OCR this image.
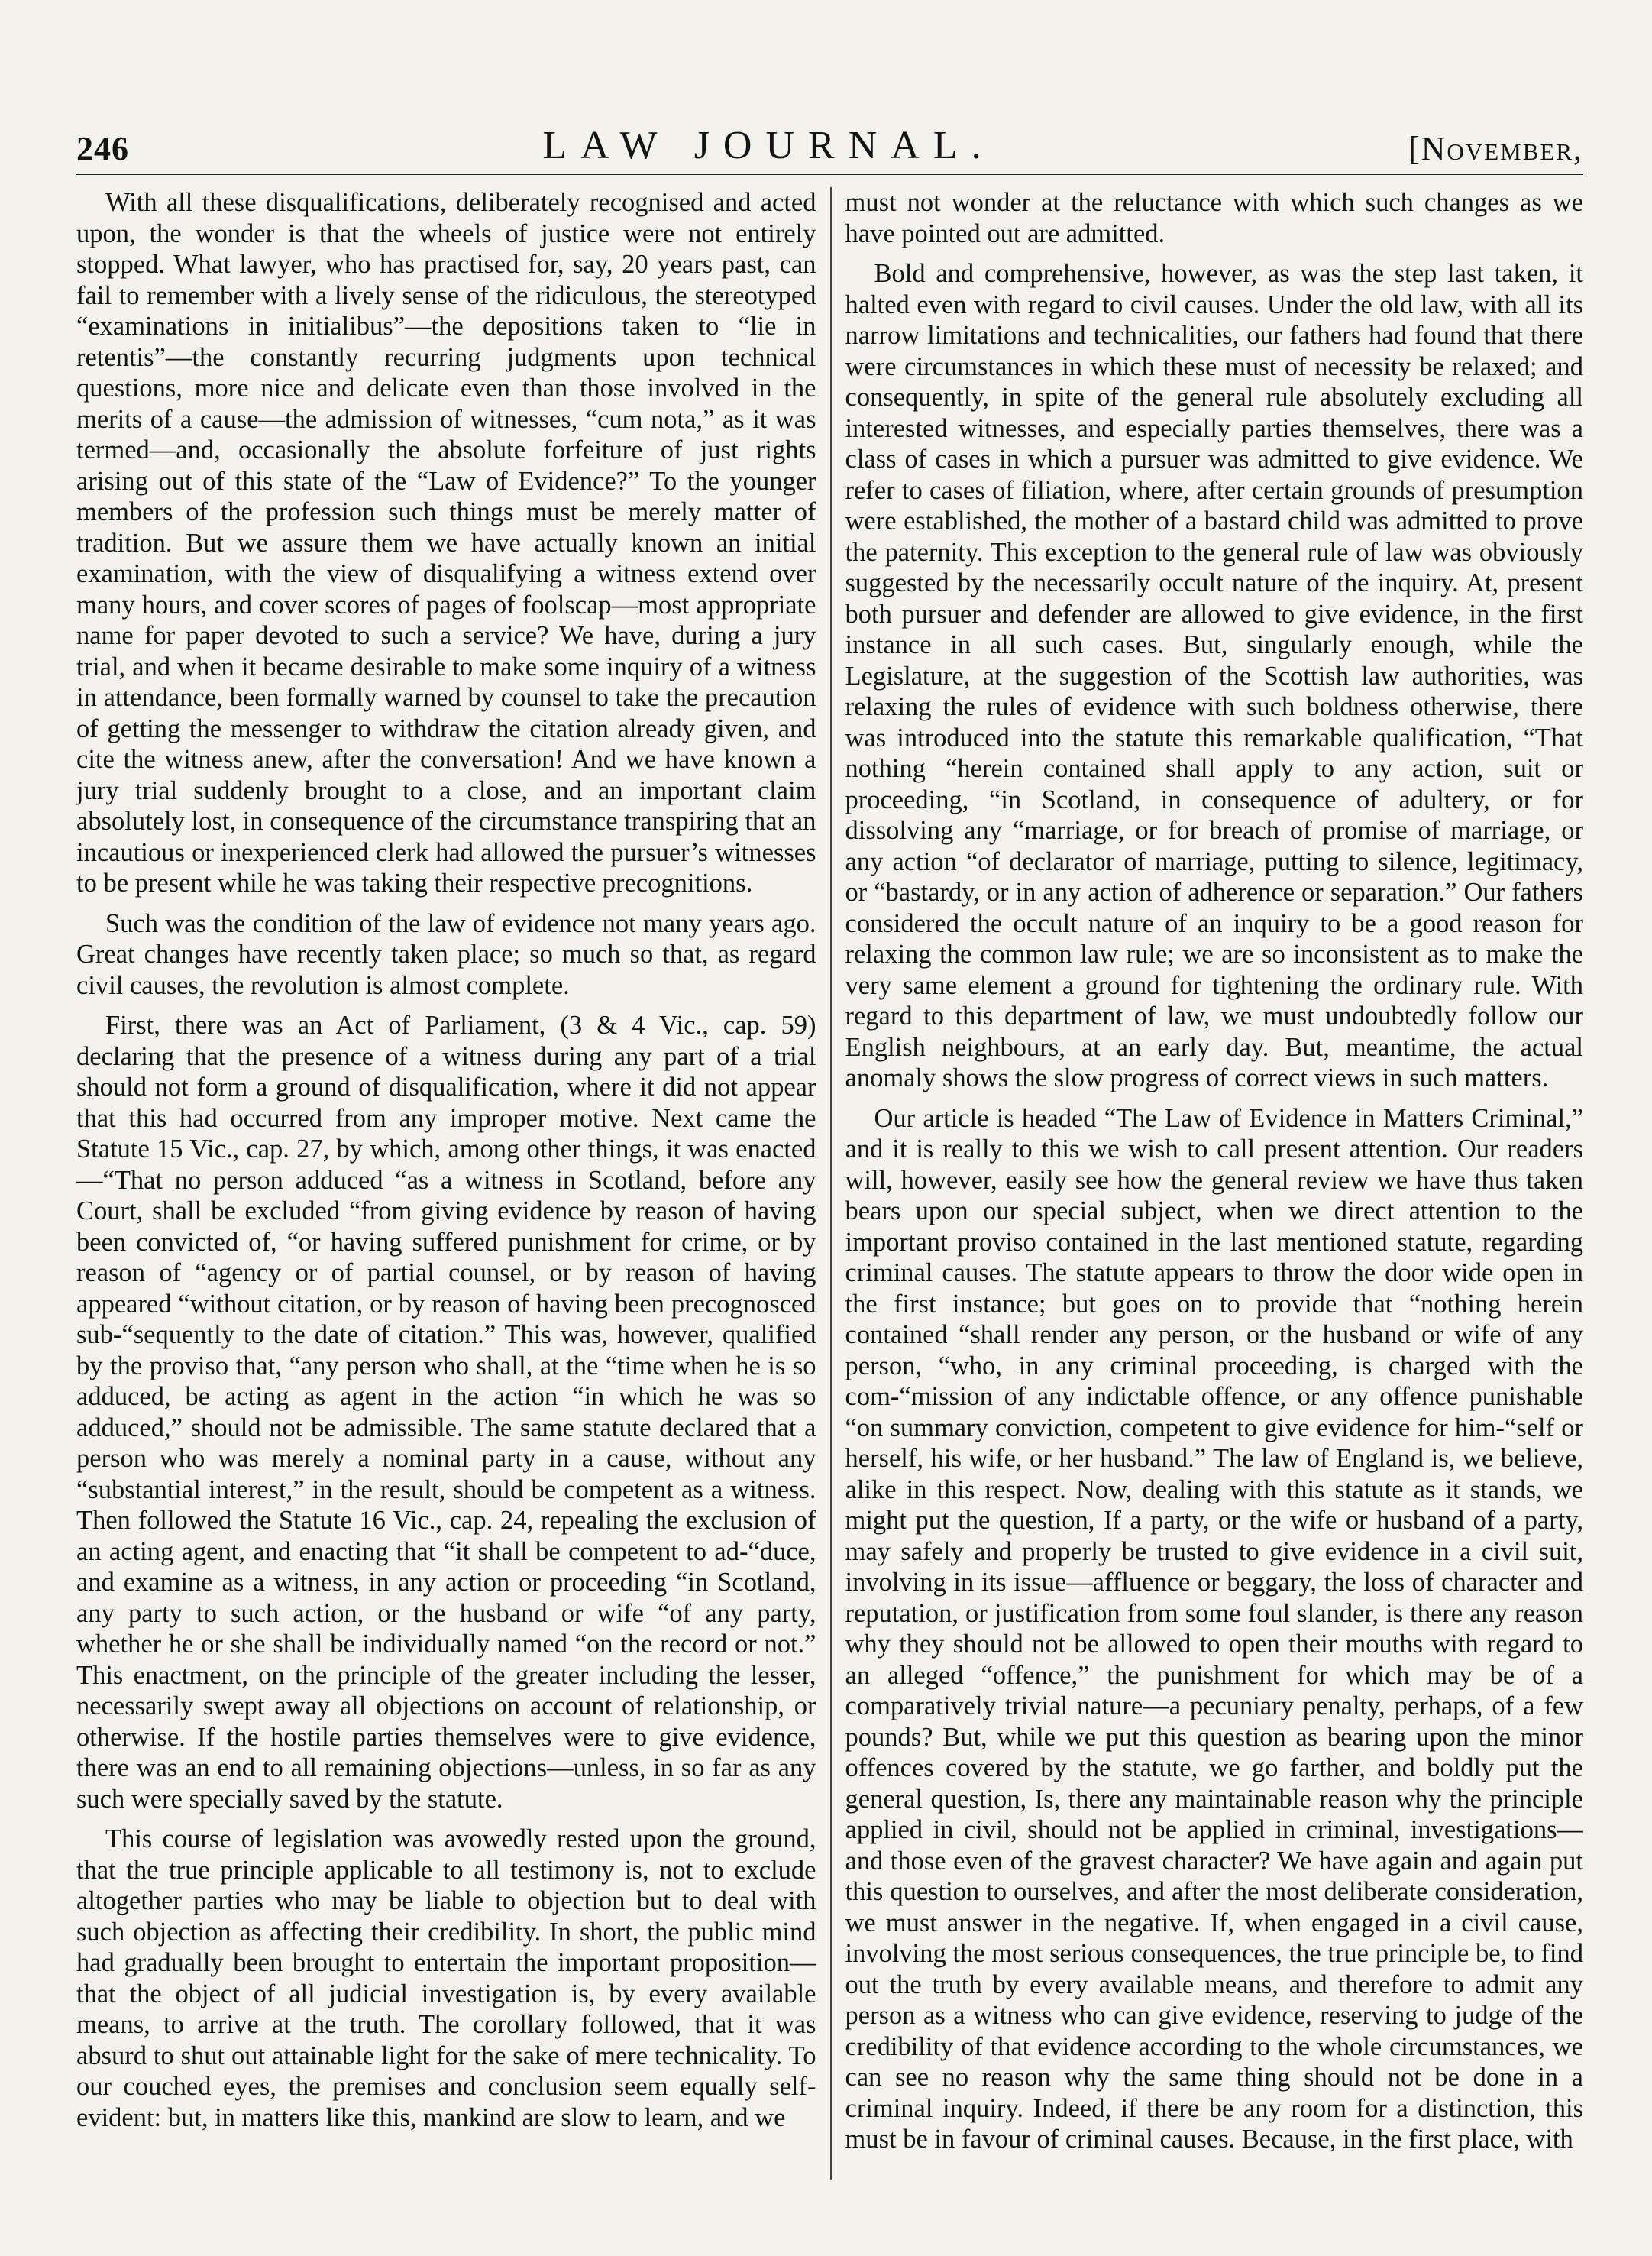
246	LAW JOURNAL.	[November,

With all these disqualifications, deliberately recognised and acted upon, the wonder is that the wheels of justice were not entirely stopped. What lawyer, who has practised for, say, 20 years past, can fail to remember with a lively sense of the ridiculous, the stereotyped “examinations in initialibus”—the depositions taken to “lie in retentis”—the constantly recurring judgments upon technical questions, more nice and delicate even than those involved in the merits of a cause—the admission of witnesses, “cum nota,” as it was termed—and, occasionally the absolute forfeiture of just rights arising out of this state of the “Law of Evidence?” To the younger members of the profession such things must be merely matter of tradition. But we assure them we have actually known an initial examination, with the view of disqualifying a witness extend over many hours, and cover scores of pages of foolscap—most appropriate name for paper devoted to such a service? We have, during a jury trial, and when it became desirable to make some inquiry of a witness in attendance, been formally warned by counsel to take the precaution of getting the messenger to withdraw the citation already given, and cite the witness anew, after the conversation! And we have known a jury trial suddenly brought to a close, and an important claim absolutely lost, in consequence of the circumstance transpiring that an incautious or inexperienced clerk had allowed the pursuer’s witnesses to be present while he was taking their respective precognitions.

Such was the condition of the law of evidence not many years ago. Great changes have recently taken place; so much so that, as regard civil causes, the revolution is almost complete.

First, there was an Act of Parliament, (3 & 4 Vic., cap. 59) declaring that the presence of a witness during any part of a trial should not form a ground of disqualification, where it did not appear that this had occurred from any improper motive. Next came the Statute 15 Vic., cap. 27, by which, among other things, it was enacted—“That no person adduced “as a witness in Scotland, before any Court, shall be excluded “from giving evidence by reason of having been convicted of, “or having suffered punishment for crime, or by reason of “agency or of partial counsel, or by reason of having appeared “without citation, or by reason of having been precognosced sub-“sequently to the date of citation.” This was, however, qualified by the proviso that, “any person who shall, at the “time when he is so adduced, be acting as agent in the action “in which he was so adduced,” should not be admissible. The same statute declared that a person who was merely a nominal party in a cause, without any “substantial interest,” in the result, should be competent as a witness. Then followed the Statute 16 Vic., cap. 24, repealing the exclusion of an acting agent, and enacting that “it shall be competent to ad-“duce, and examine as a witness, in any action or proceeding “in Scotland, any party to such action, or the husband or wife “of any party, whether he or she shall be individually named “on the record or not.” This enactment, on the principle of the greater including the lesser, necessarily swept away all objections on account of relationship, or otherwise. If the hostile parties themselves were to give evidence, there was an end to all remaining objections—unless, in so far as any such were specially saved by the statute.

This course of legislation was avowedly rested upon the ground, that the true principle applicable to all testimony is, not to exclude altogether parties who may be liable to objection but to deal with such objection as affecting their credibility. In short, the public mind had gradually been brought to entertain the important proposition—that the object of all judicial investigation is, by every available means, to arrive at the truth. The corollary followed, that it was absurd to shut out attainable light for the sake of mere technicality. To our couched eyes, the premises and conclusion seem equally self-evident: but, in matters like this, mankind are slow to learn, and we

must not wonder at the reluctance with which such changes as we have pointed out are admitted.

Bold and comprehensive, however, as was the step last taken, it halted even with regard to civil causes. Under the old law, with all its narrow limitations and technicalities, our fathers had found that there were circumstances in which these must of necessity be relaxed; and consequently, in spite of the general rule absolutely excluding all interested witnesses, and especially parties themselves, there was a class of cases in which a pursuer was admitted to give evidence. We refer to cases of filiation, where, after certain grounds of presumption were established, the mother of a bastard child was admitted to prove the paternity. This exception to the general rule of law was obviously suggested by the necessarily occult nature of the inquiry. At, present both pursuer and defender are allowed to give evidence, in the first instance in all such cases. But, singularly enough, while the Legislature, at the suggestion of the Scottish law authorities, was relaxing the rules of evidence with such boldness otherwise, there was introduced into the statute this remarkable qualification, “That nothing “herein contained shall apply to any action, suit or proceeding, “in Scotland, in consequence of adultery, or for dissolving any “marriage, or for breach of promise of marriage, or any action “of declarator of marriage, putting to silence, legitimacy, or “bastardy, or in any action of adherence or separation.” Our fathers considered the occult nature of an inquiry to be a good reason for relaxing the common law rule; we are so inconsistent as to make the very same element a ground for tightening the ordinary rule. With regard to this department of law, we must undoubtedly follow our English neighbours, at an early day. But, meantime, the actual anomaly shows the slow progress of correct views in such matters.

Our article is headed “The Law of Evidence in Matters Criminal,” and it is really to this we wish to call present attention. Our readers will, however, easily see how the general review we have thus taken bears upon our special subject, when we direct attention to the important proviso contained in the last mentioned statute, regarding criminal causes. The statute appears to throw the door wide open in the first instance; but goes on to provide that “nothing herein contained “shall render any person, or the husband or wife of any person, “who, in any criminal proceeding, is charged with the com-“mission of any indictable offence, or any offence punishable “on summary conviction, competent to give evidence for him-“self or herself, his wife, or her husband.” The law of England is, we believe, alike in this respect. Now, dealing with this statute as it stands, we might put the question, If a party, or the wife or husband of a party, may safely and properly be trusted to give evidence in a civil suit, involving in its issue—affluence or beggary, the loss of character and reputation, or justification from some foul slander, is there any reason why they should not be allowed to open their mouths with regard to an alleged “offence,” the punishment for which may be of a comparatively trivial nature—a pecuniary penalty, perhaps, of a few pounds? But, while we put this question as bearing upon the minor offences covered by the statute, we go farther, and boldly put the general question, Is, there any maintainable reason why the principle applied in civil, should not be applied in criminal, investigations—and those even of the gravest character? We have again and again put this question to ourselves, and after the most deliberate consideration, we must answer in the negative. If, when engaged in a civil cause, involving the most serious consequences, the true principle be, to find out the truth by every available means, and therefore to admit any person as a witness who can give evidence, reserving to judge of the credibility of that evidence according to the whole circumstances, we can see no reason why the same thing should not be done in a criminal inquiry. Indeed, if there be any room for a distinction, this must be in favour of criminal causes. Because, in the first place, with
